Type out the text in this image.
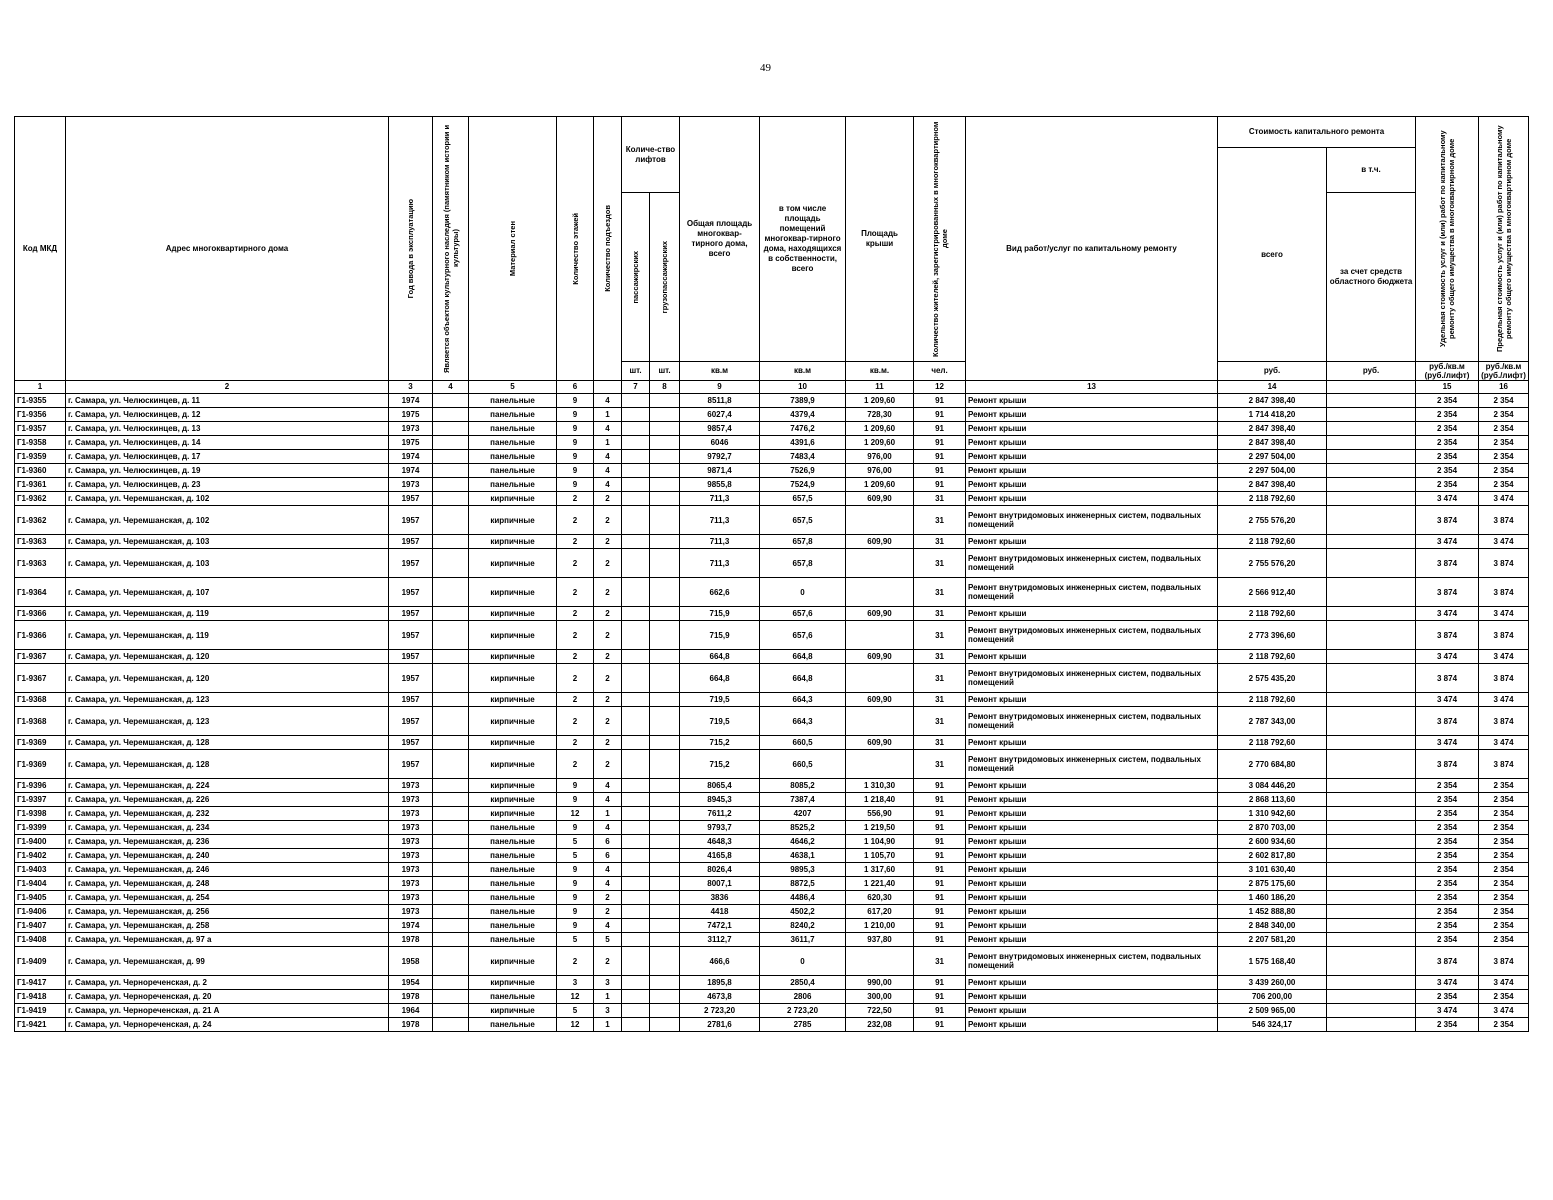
49
Код МКД	Адрес многоквартирного дома	Год ввода в эксплуатацию	Является объектом культурного наследия (памятником истории и культуры)	Материал стен	Количество этажей	Количество подъездов	Количе-ство лифтов		Общая площадь многоквар-тирного дома, всего	в том числе площадь помещений многоквар-тирного дома, находящихся в собственности, всего	Площадь крыши	Количество жителей, зарегистрированных в многоквартирном доме	Вид работ/услуг по капитальному ремонту	Стоимость капитального ремонта		Удельная стоимость услуг и (или) работ по капитальному ремонту общего имущества в многоквартирном доме	Предельная стоимость услуг и (или) работ по капитальному ремонту общего имущества в многоквартирном доме

														всего	в т.ч.		

							пассажирских	грузопассажирских							за счет средств областного бюджета		
							шт.	шт.	кв.м	кв.м	кв.м.	чел.		руб.	руб.	руб./кв.м (руб./лифт)	руб./кв.м (руб./лифт)
1	2	3	4	5	6		7	8	9	10	11	12	13	14		15	16
Г1-9355	г. Самара, ул. Челюскинцев, д. 11	1974		панельные	9	4			8511,8	7389,9	1 209,60	91	Ремонт крыши	2 847 398,40		2 354	2 354
Г1-9356	г. Самара, ул. Челюскинцев, д. 12	1975		панельные	9	1			6027,4	4379,4	728,30	91	Ремонт крыши	1 714 418,20		2 354	2 354
Г1-9357	г. Самара, ул. Челюскинцев, д. 13	1973		панельные	9	4			9857,4	7476,2	1 209,60	91	Ремонт крыши	2 847 398,40		2 354	2 354
Г1-9358	г. Самара, ул. Челюскинцев, д. 14	1975		панельные	9	1			6046	4391,6	1 209,60	91	Ремонт крыши	2 847 398,40		2 354	2 354
Г1-9359	г. Самара, ул. Челюскинцев, д. 17	1974		панельные	9	4			9792,7	7483,4	976,00	91	Ремонт крыши	2 297 504,00		2 354	2 354
Г1-9360	г. Самара, ул. Челюскинцев, д. 19	1974		панельные	9	4			9871,4	7526,9	976,00	91	Ремонт крыши	2 297 504,00		2 354	2 354
Г1-9361	г. Самара, ул. Челюскинцев, д. 23	1973		панельные	9	4			9855,8	7524,9	1 209,60	91	Ремонт крыши	2 847 398,40		2 354	2 354
Г1-9362	г. Самара, ул. Черемшанская, д. 102	1957		кирпичные	2	2			711,3	657,5	609,90	31	Ремонт крыши	2 118 792,60		3 474	3 474
Г1-9362	г. Самара, ул. Черемшанская, д. 102	1957		кирпичные	2	2			711,3	657,5		31	Ремонт внутридомовых инженерных систем, подвальных помещений	2 755 576,20		3 874	3 874
Г1-9363	г. Самара, ул. Черемшанская, д. 103	1957		кирпичные	2	2			711,3	657,8	609,90	31	Ремонт крыши	2 118 792,60		3 474	3 474
Г1-9363	г. Самара, ул. Черемшанская, д. 103	1957		кирпичные	2	2			711,3	657,8		31	Ремонт внутридомовых инженерных систем, подвальных помещений	2 755 576,20		3 874	3 874
Г1-9364	г. Самара, ул. Черемшанская, д. 107	1957		кирпичные	2	2			662,6	0		31	Ремонт внутридомовых инженерных систем, подвальных помещений	2 566 912,40		3 874	3 874
Г1-9366	г. Самара, ул. Черемшанская, д. 119	1957		кирпичные	2	2			715,9	657,6	609,90	31	Ремонт крыши	2 118 792,60		3 474	3 474
Г1-9366	г. Самара, ул. Черемшанская, д. 119	1957		кирпичные	2	2			715,9	657,6		31	Ремонт внутридомовых инженерных систем, подвальных помещений	2 773 396,60		3 874	3 874
Г1-9367	г. Самара, ул. Черемшанская, д. 120	1957		кирпичные	2	2			664,8	664,8	609,90	31	Ремонт крыши	2 118 792,60		3 474	3 474
Г1-9367	г. Самара, ул. Черемшанская, д. 120	1957		кирпичные	2	2			664,8	664,8		31	Ремонт внутридомовых инженерных систем, подвальных помещений	2 575 435,20		3 874	3 874
Г1-9368	г. Самара, ул. Черемшанская, д. 123	1957		кирпичные	2	2			719,5	664,3	609,90	31	Ремонт крыши	2 118 792,60		3 474	3 474
Г1-9368	г. Самара, ул. Черемшанская, д. 123	1957		кирпичные	2	2			719,5	664,3		31	Ремонт внутридомовых инженерных систем, подвальных помещений	2 787 343,00		3 874	3 874
Г1-9369	г. Самара, ул. Черемшанская, д. 128	1957		кирпичные	2	2			715,2	660,5	609,90	31	Ремонт крыши	2 118 792,60		3 474	3 474
Г1-9369	г. Самара, ул. Черемшанская, д. 128	1957		кирпичные	2	2			715,2	660,5		31	Ремонт внутридомовых инженерных систем, подвальных помещений	2 770 684,80		3 874	3 874
Г1-9396	г. Самара, ул. Черемшанская, д. 224	1973		кирпичные	9	4			8065,4	8085,2	1 310,30	91	Ремонт крыши	3 084 446,20		2 354	2 354
Г1-9397	г. Самара, ул. Черемшанская, д. 226	1973		кирпичные	9	4			8945,3	7387,4	1 218,40	91	Ремонт крыши	2 868 113,60		2 354	2 354
Г1-9398	г. Самара, ул. Черемшанская, д. 232	1973		кирпичные	12	1			7611,2	4207	556,90	91	Ремонт крыши	1 310 942,60		2 354	2 354
Г1-9399	г. Самара, ул. Черемшанская, д. 234	1973		панельные	9	4			9793,7	8525,2	1 219,50	91	Ремонт крыши	2 870 703,00		2 354	2 354
Г1-9400	г. Самара, ул. Черемшанская, д. 236	1973		панельные	5	6			4648,3	4646,2	1 104,90	91	Ремонт крыши	2 600 934,60		2 354	2 354
Г1-9402	г. Самара, ул. Черемшанская, д. 240	1973		панельные	5	6			4165,8	4638,1	1 105,70	91	Ремонт крыши	2 602 817,80		2 354	2 354
Г1-9403	г. Самара, ул. Черемшанская, д. 246	1973		панельные	9	4			8026,4	9895,3	1 317,60	91	Ремонт крыши	3 101 630,40		2 354	2 354
Г1-9404	г. Самара, ул. Черемшанская, д. 248	1973		панельные	9	4			8007,1	8872,5	1 221,40	91	Ремонт крыши	2 875 175,60		2 354	2 354
Г1-9405	г. Самара, ул. Черемшанская, д. 254	1973		панельные	9	2			3836	4486,4	620,30	91	Ремонт крыши	1 460 186,20		2 354	2 354
Г1-9406	г. Самара, ул. Черемшанская, д. 256	1973		панельные	9	2			4418	4502,2	617,20	91	Ремонт крыши	1 452 888,80		2 354	2 354
Г1-9407	г. Самара, ул. Черемшанская, д. 258	1974		панельные	9	4			7472,1	8240,2	1 210,00	91	Ремонт крыши	2 848 340,00		2 354	2 354
Г1-9408	г. Самара, ул. Черемшанская, д. 97 а	1978		панельные	5	5			3112,7	3611,7	937,80	91	Ремонт крыши	2 207 581,20		2 354	2 354
Г1-9409	г. Самара, ул. Черемшанская, д. 99	1958		кирпичные	2	2			466,6	0		31	Ремонт внутридомовых инженерных систем, подвальных помещений	1 575 168,40		3 874	3 874
Г1-9417	г. Самара, ул. Чернореченская, д. 2	1954		кирпичные	3	3			1895,8	2850,4	990,00	91	Ремонт крыши	3 439 260,00		3 474	3 474
Г1-9418	г. Самара, ул. Чернореченская, д. 20	1978		панельные	12	1			4673,8	2806	300,00	91	Ремонт крыши	706 200,00		2 354	2 354
Г1-9419	г. Самара, ул. Чернореченская, д. 21 А	1964		кирпичные	5	3			2 723,20	2 723,20	722,50	91	Ремонт крыши	2 509 965,00		3 474	3 474
Г1-9421	г. Самара, ул. Чернореченская, д. 24	1978		панельные	12	1			2781,6	2785	232,08	91	Ремонт крыши	546 324,17		2 354	2 354
